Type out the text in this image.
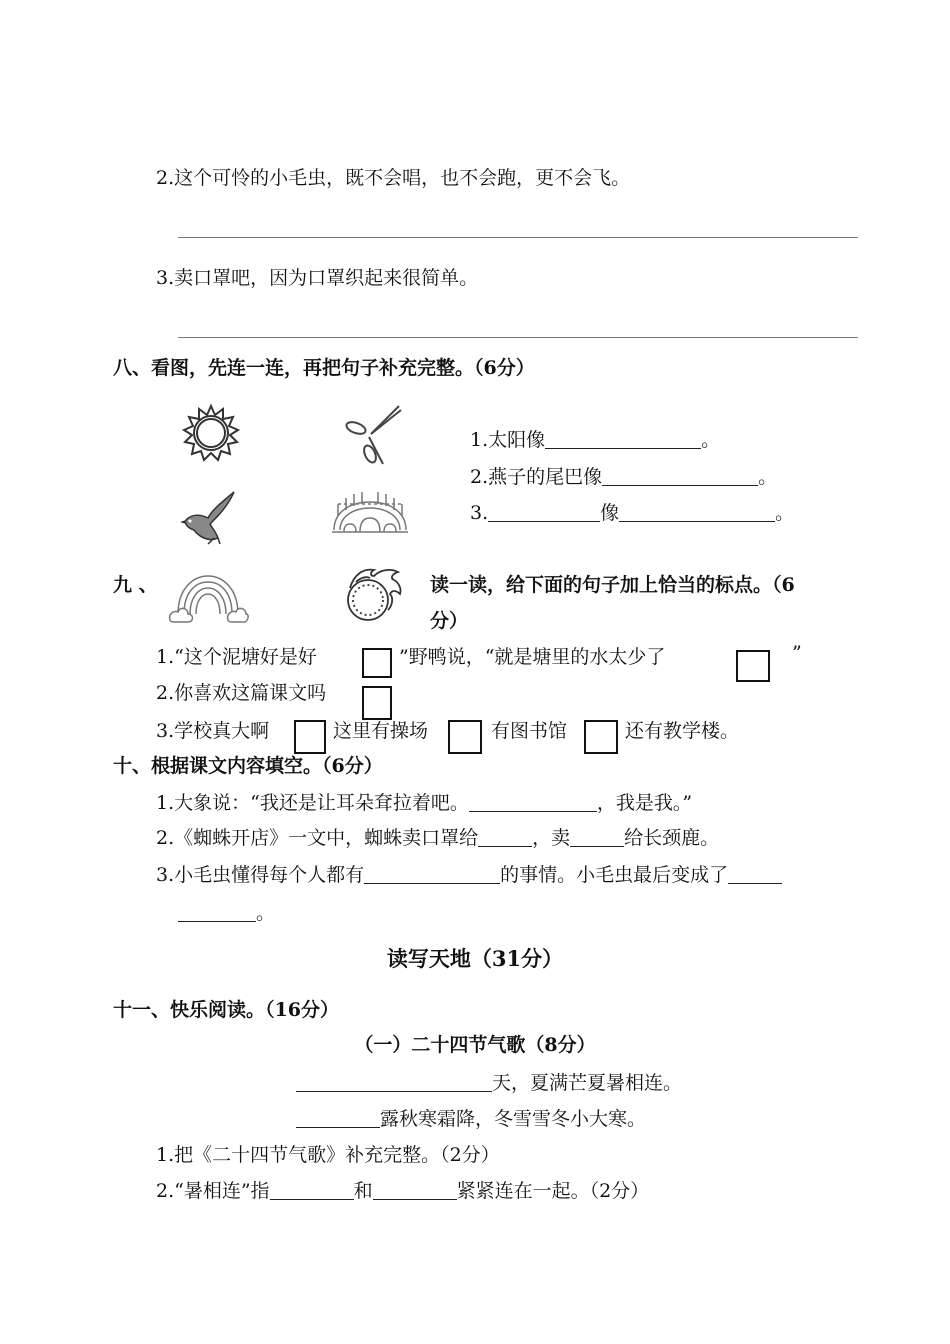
2.这个可怜的小毛虫，既不会唱，也不会跑，更不会飞。
3.卖口罩吧，因为口罩织起来很简单。
八、看图，先连一连，再把句子补充完整。（6分）
1.太阳像	。
2.燕子的尾巴像	。
3.	像	。
九 、	读一读，给下面的句子加上恰当的标点。（6
分）
1.“这个泥塘好是好	”野鸭说，“就是塘里的水太少了	”
2.你喜欢这篇课文吗
3.学校真大啊	这里有操场	有图书馆	还有教学楼。
十、根据课文内容填空。（6分）
1.大象说：“我还是让耳朵耷拉着吧。	，我是我。”
2.《蜘蛛开店》一文中，蜘蛛卖口罩给	，卖	给长颈鹿。
3.小毛虫懂得每个人都有	的事情。小毛虫最后变成了
。
读写天地（31分）
十一、快乐阅读。（16分）
（一）二十四节气歌（8分）
天，夏满芒夏暑相连。
露秋寒霜降，冬雪雪冬小大寒。
1.把《二十四节气歌》补充完整。（2分）
2.“暑相连”指	和	紧紧连在一起。（2分）
